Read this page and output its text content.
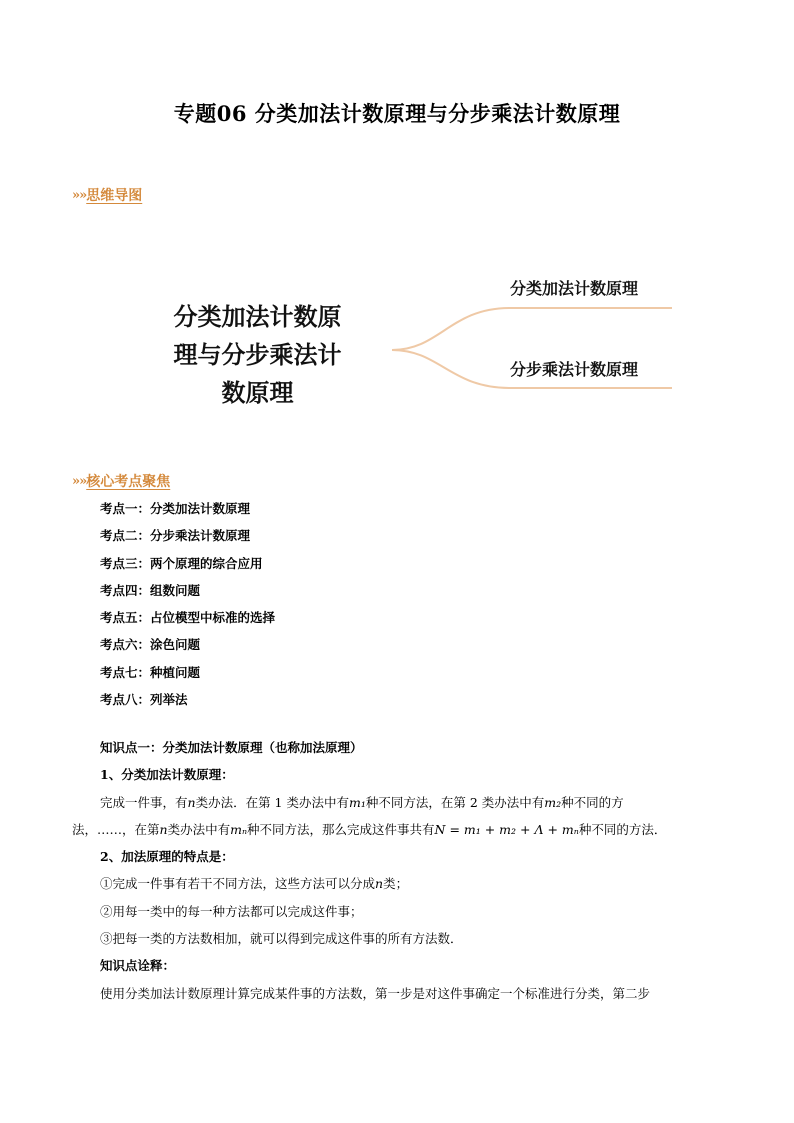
专题06 分类加法计数原理与分步乘法计数原理
» » 思维导图
分类加法计数原
理与分步乘法计
数原理
分类加法计数原理
分步乘法计数原理
» » 核心考点聚焦
考点一：分类加法计数原理
考点二：分步乘法计数原理
考点三：两个原理的综合应用
考点四：组数问题
考点五：占位模型中标准的选择
考点六：涂色问题
考点七：种植问题
考点八：列举法
知识点一：分类加法计数原理（也称加法原理）
1、分类加法计数原理：
完成一件事，有n类办法．在第 1 类办法中有m₁种不同方法，在第 2 类办法中有m₂种不同的方
法，……，在第n类办法中有mₙ种不同方法，那么完成这件事共有N = m₁ + m₂ + Λ + mₙ种不同的方法．
2、加法原理的特点是：
①完成一件事有若干不同方法，这些方法可以分成n类；
②用每一类中的每一种方法都可以完成这件事；
③把每一类的方法数相加，就可以得到完成这件事的所有方法数．
知识点诠释：
使用分类加法计数原理计算完成某件事的方法数，第一步是对这件事确定一个标准进行分类，第二步
